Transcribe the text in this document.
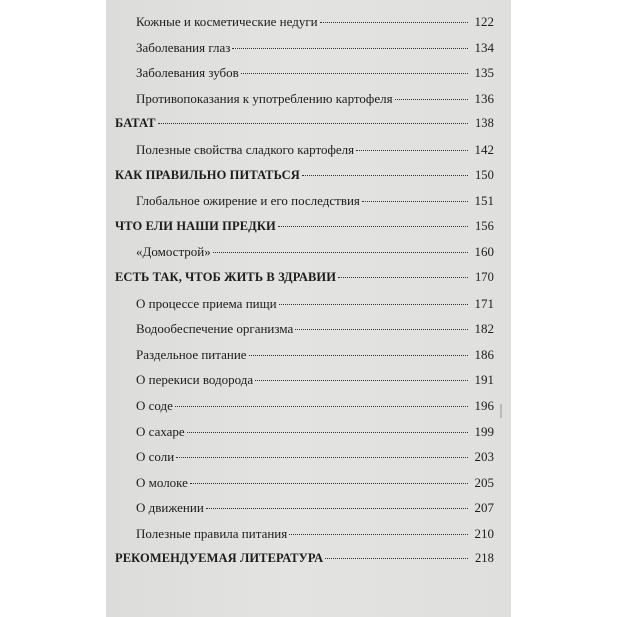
Кожные и косметические недуги	122
Заболевания глаз	134
Заболевания зубов	135
Противопоказания к употреблению картофеля	136
БАТАТ	138
Полезные свойства сладкого картофеля	142
КАК ПРАВИЛЬНО ПИТАТЬСЯ	150
Глобальное ожирение и его последствия	151
ЧТО ЕЛИ НАШИ ПРЕДКИ	156
«Домострой»	160
ЕСТЬ ТАК, ЧТОБ ЖИТЬ В ЗДРАВИИ	170
О процессе приема пищи	171
Водообеспечение организма	182
Раздельное питание	186
О перекиси водорода	191
О соде	196
О сахаре	199
О соли	203
О молоке	205
О движении	207
Полезные правила питания	210
РЕКОМЕНДУЕМАЯ ЛИТЕРАТУРА	218
